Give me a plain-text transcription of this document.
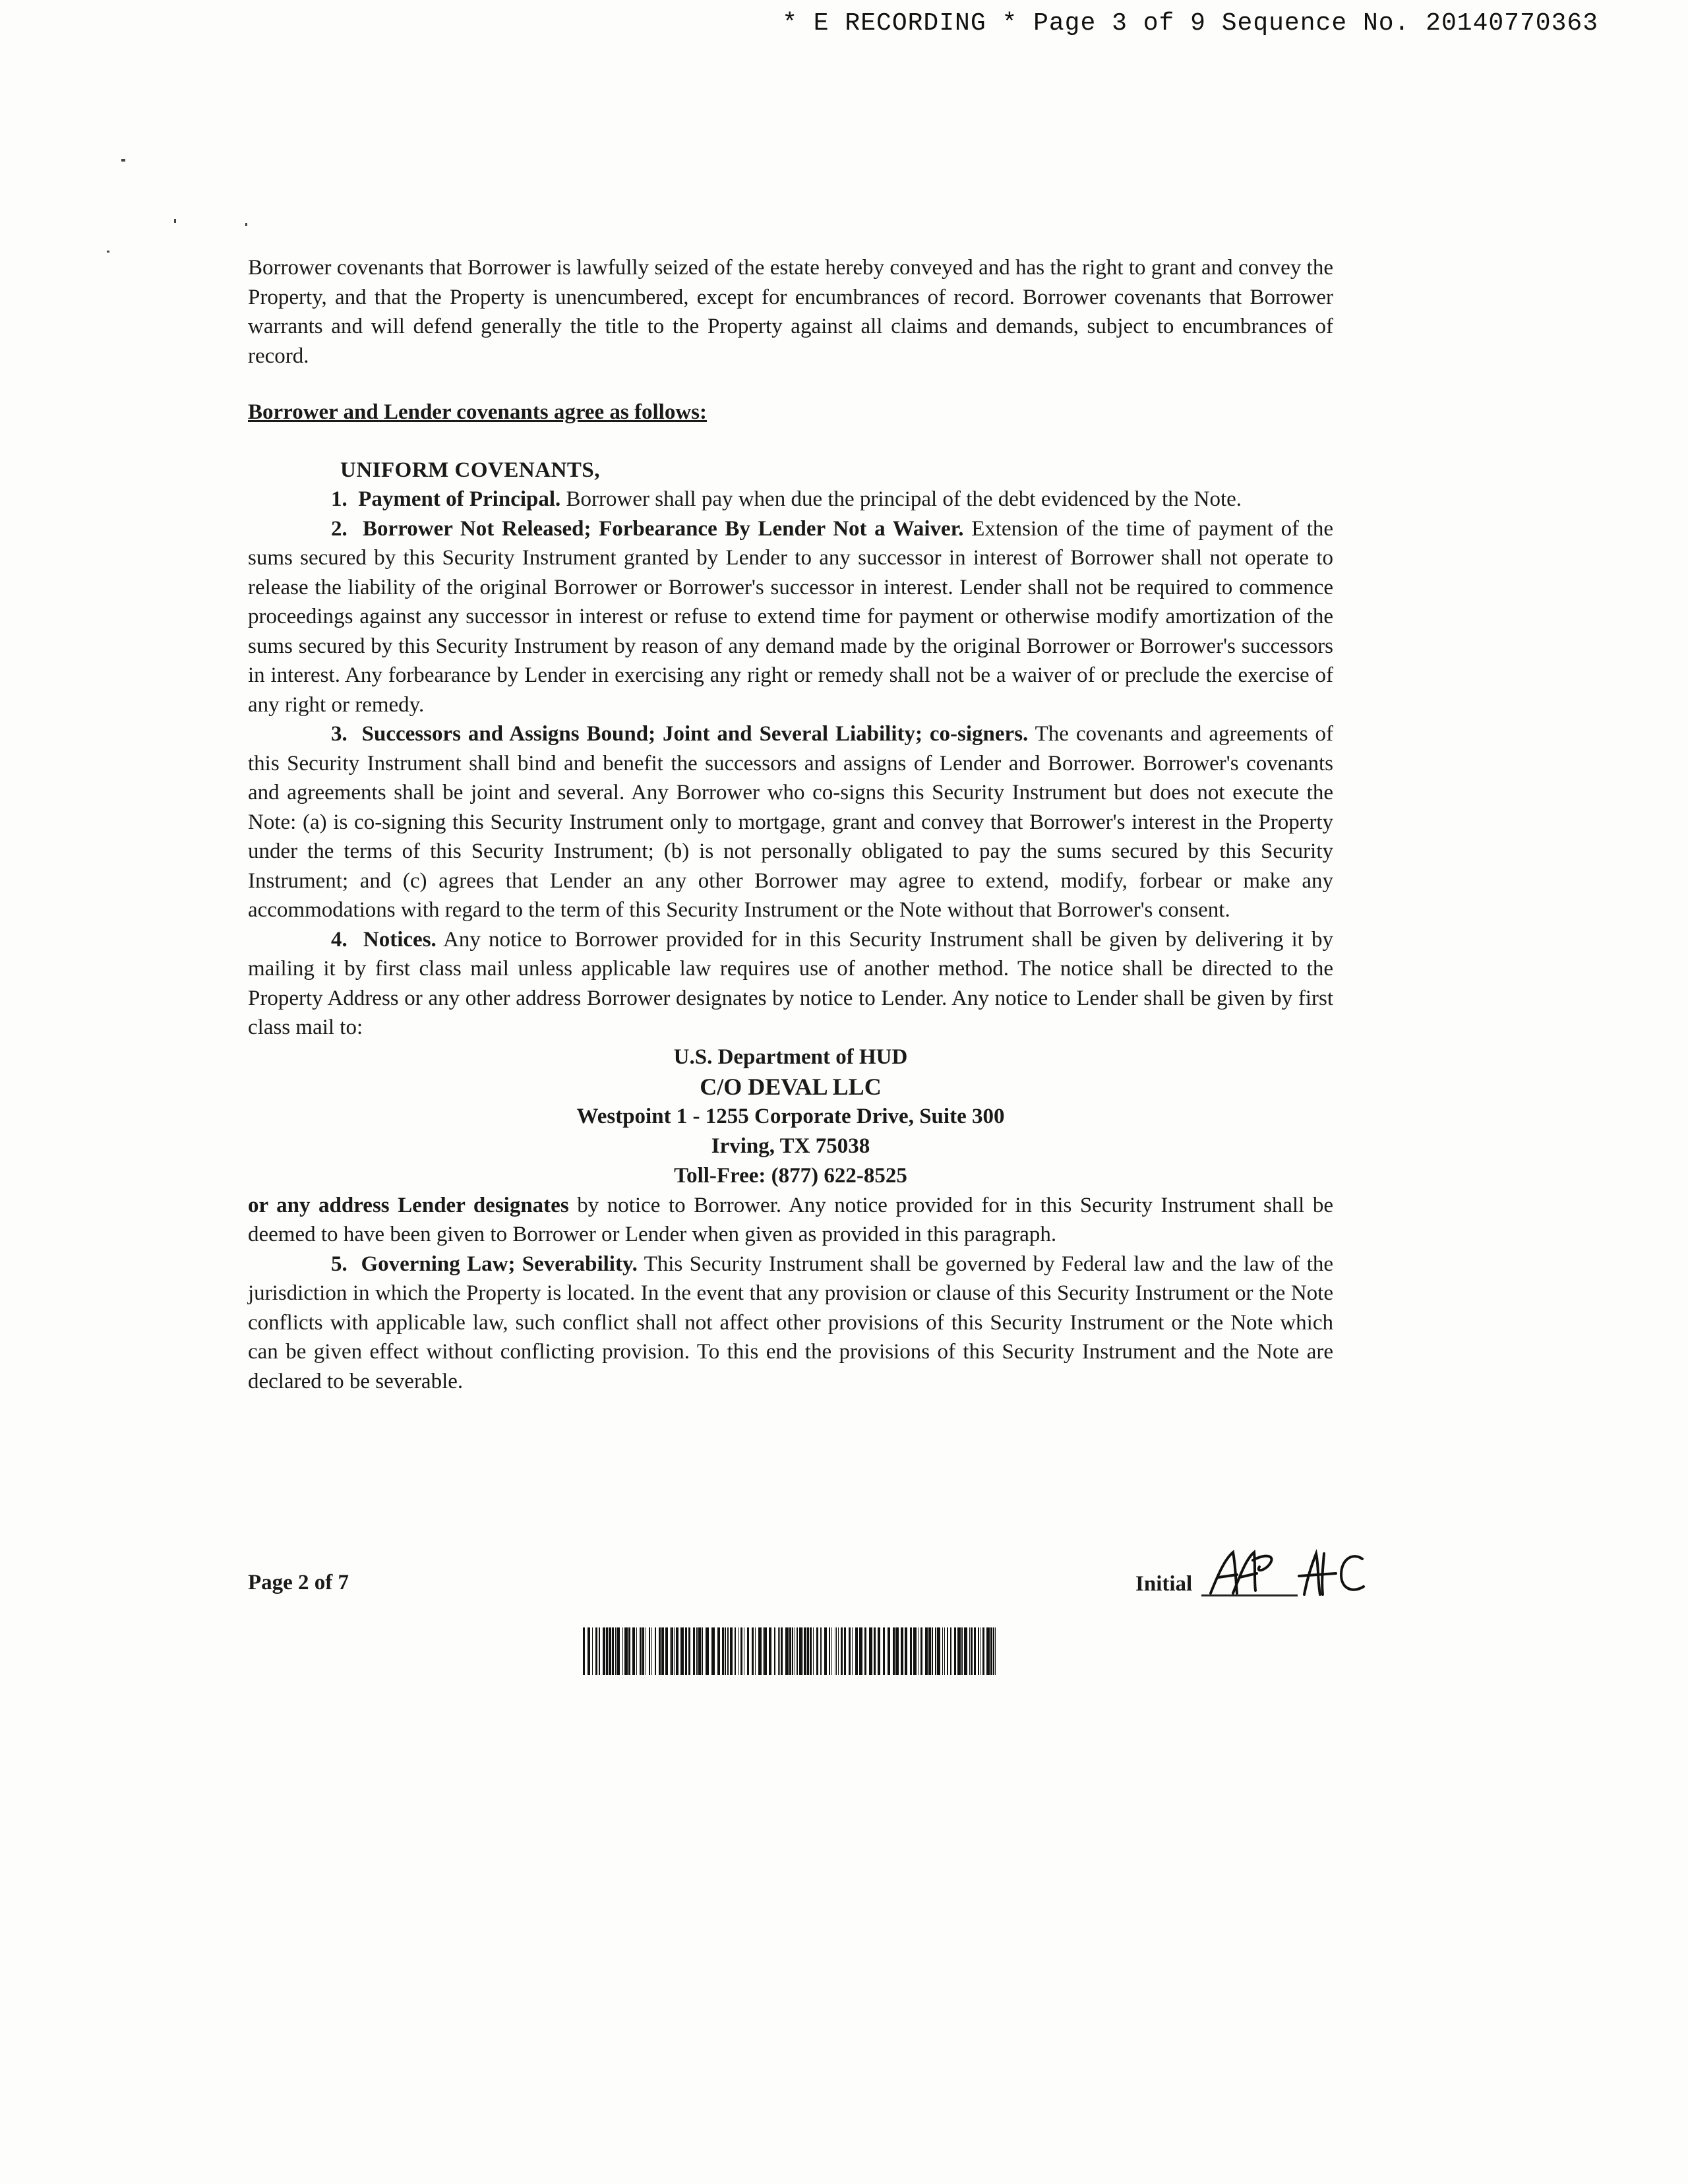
* E RECORDING * Page 3 of 9 Sequence No. 20140770363

Borrower covenants that Borrower is lawfully seized of the estate hereby conveyed and has the right to grant and convey the Property, and that the Property is unencumbered, except for encumbrances of record. Borrower covenants that Borrower warrants and will defend generally the title to the Property against all claims and demands, subject to encumbrances of record.

Borrower and Lender covenants agree as follows:
UNIFORM COVENANTS,

1. Payment of Principal. Borrower shall pay when due the principal of the debt evidenced by the Note.

2. Borrower Not Released; Forbearance By Lender Not a Waiver. Extension of the time of payment of the sums secured by this Security Instrument granted by Lender to any successor in interest of Borrower shall not operate to release the liability of the original Borrower or Borrower's successor in interest. Lender shall not be required to commence proceedings against any successor in interest or refuse to extend time for payment or otherwise modify amortization of the sums secured by this Security Instrument by reason of any demand made by the original Borrower or Borrower's successors in interest. Any forbearance by Lender in exercising any right or remedy shall not be a waiver of or preclude the exercise of any right or remedy.

3. Successors and Assigns Bound; Joint and Several Liability; co-signers. The covenants and agreements of this Security Instrument shall bind and benefit the successors and assigns of Lender and Borrower. Borrower's covenants and agreements shall be joint and several. Any Borrower who co-signs this Security Instrument but does not execute the Note: (a) is co-signing this Security Instrument only to mortgage, grant and convey that Borrower's interest in the Property under the terms of this Security Instrument; (b) is not personally obligated to pay the sums secured by this Security Instrument; and (c) agrees that Lender an any other Borrower may agree to extend, modify, forbear or make any accommodations with regard to the term of this Security Instrument or the Note without that Borrower's consent.

4. Notices. Any notice to Borrower provided for in this Security Instrument shall be given by delivering it by mailing it by first class mail unless applicable law requires use of another method. The notice shall be directed to the Property Address or any other address Borrower designates by notice to Lender. Any notice to Lender shall be given by first class mail to:

U.S. Department of HUD
C/O DEVAL LLC
Westpoint 1 - 1255 Corporate Drive, Suite 300
Irving, TX 75038
Toll-Free: (877) 622-8525

or any address Lender designates by notice to Borrower. Any notice provided for in this Security Instrument shall be deemed to have been given to Borrower or Lender when given as provided in this paragraph.

5. Governing Law; Severability. This Security Instrument shall be governed by Federal law and the law of the jurisdiction in which the Property is located. In the event that any provision or clause of this Security Instrument or the Note conflicts with applicable law, such conflict shall not affect other provisions of this Security Instrument or the Note which can be given effect without conflicting provision. To this end the provisions of this Security Instrument and the Note are declared to be severable.

Page 2 of 7	Initial
